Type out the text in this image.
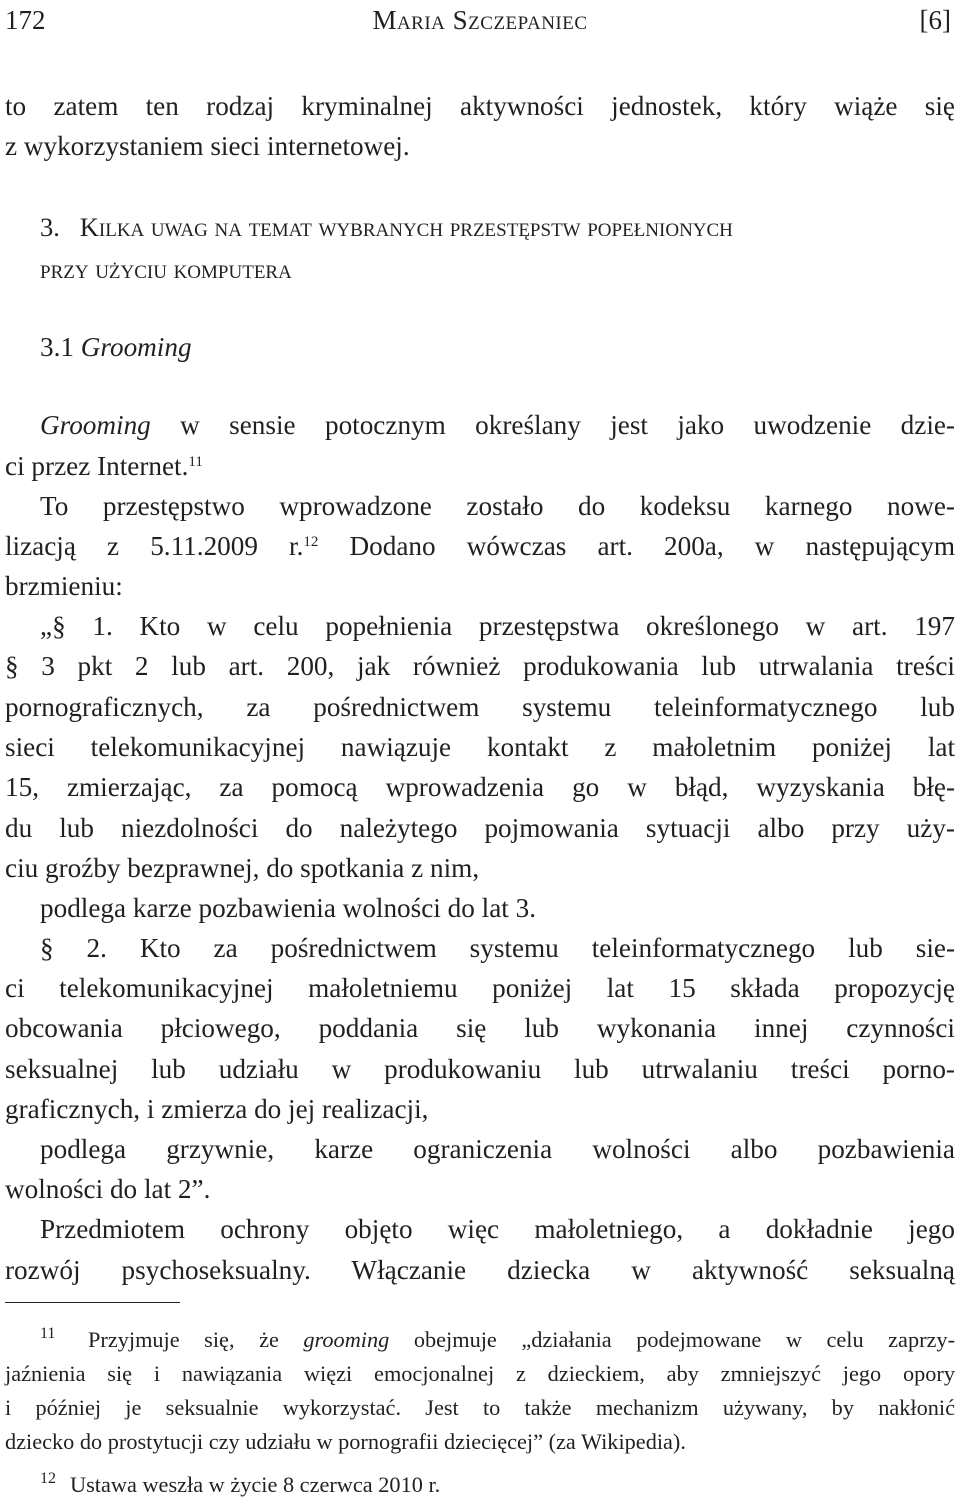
172	Maria Szczepaniec	[6]
to zatem ten rodzaj kryminalnej aktywności jednostek, który wiąże się
z wykorzystaniem sieci internetowej.
3. Kilka uwag na temat wybranych przestępstw popełnionych
przy użyciu komputera
3.1 Grooming
Grooming w sensie potocznym określany jest jako uwodzenie dzie-
ci przez Internet.$^{11}$
To przestępstwo wprowadzone zostało do kodeksu karnego nowe-
lizacją z 5.11.2009 r.$^{12}$ Dodano wówczas art. 200a, w następującym
brzmieniu:
„§ 1. Kto w celu popełnienia przestępstwa określonego w art. 197
§ 3 pkt 2 lub art. 200, jak również produkowania lub utrwalania treści
pornograficznych, za pośrednictwem systemu teleinformatycznego lub
sieci telekomunikacyjnej nawiązuje kontakt z małoletnim poniżej lat
15, zmierzając, za pomocą wprowadzenia go w błąd, wyzyskania błę-
du lub niezdolności do należytego pojmowania sytuacji albo przy uży-
ciu groźby bezprawnej, do spotkania z nim,
podlega karze pozbawienia wolności do lat 3.
§ 2. Kto za pośrednictwem systemu teleinformatycznego lub sie-
ci telekomunikacyjnej małoletniemu poniżej lat 15 składa propozycję
obcowania płciowego, poddania się lub wykonania innej czynności
seksualnej lub udziału w produkowaniu lub utrwalaniu treści porno-
graficznych, i zmierza do jej realizacji,
podlega grzywnie, karze ograniczenia wolności albo pozbawienia
wolności do lat 2”.
Przedmiotem ochrony objęto więc małoletniego, a dokładnie jego
rozwój psychoseksualny. Włączanie dziecka w aktywność seksualną
11 Przyjmuje się, że grooming obejmuje „działania podejmowane w celu zaprzy-
jaźnienia się i nawiązania więzi emocjonalnej z dzieckiem, aby zmniejszyć jego opory
i później je seksualnie wykorzystać. Jest to także mechanizm używany, by nakłonić
dziecko do prostytucji czy udziału w pornografii dziecięcej” (za Wikipedia).
12 Ustawa weszła w życie 8 czerwca 2010 r.
